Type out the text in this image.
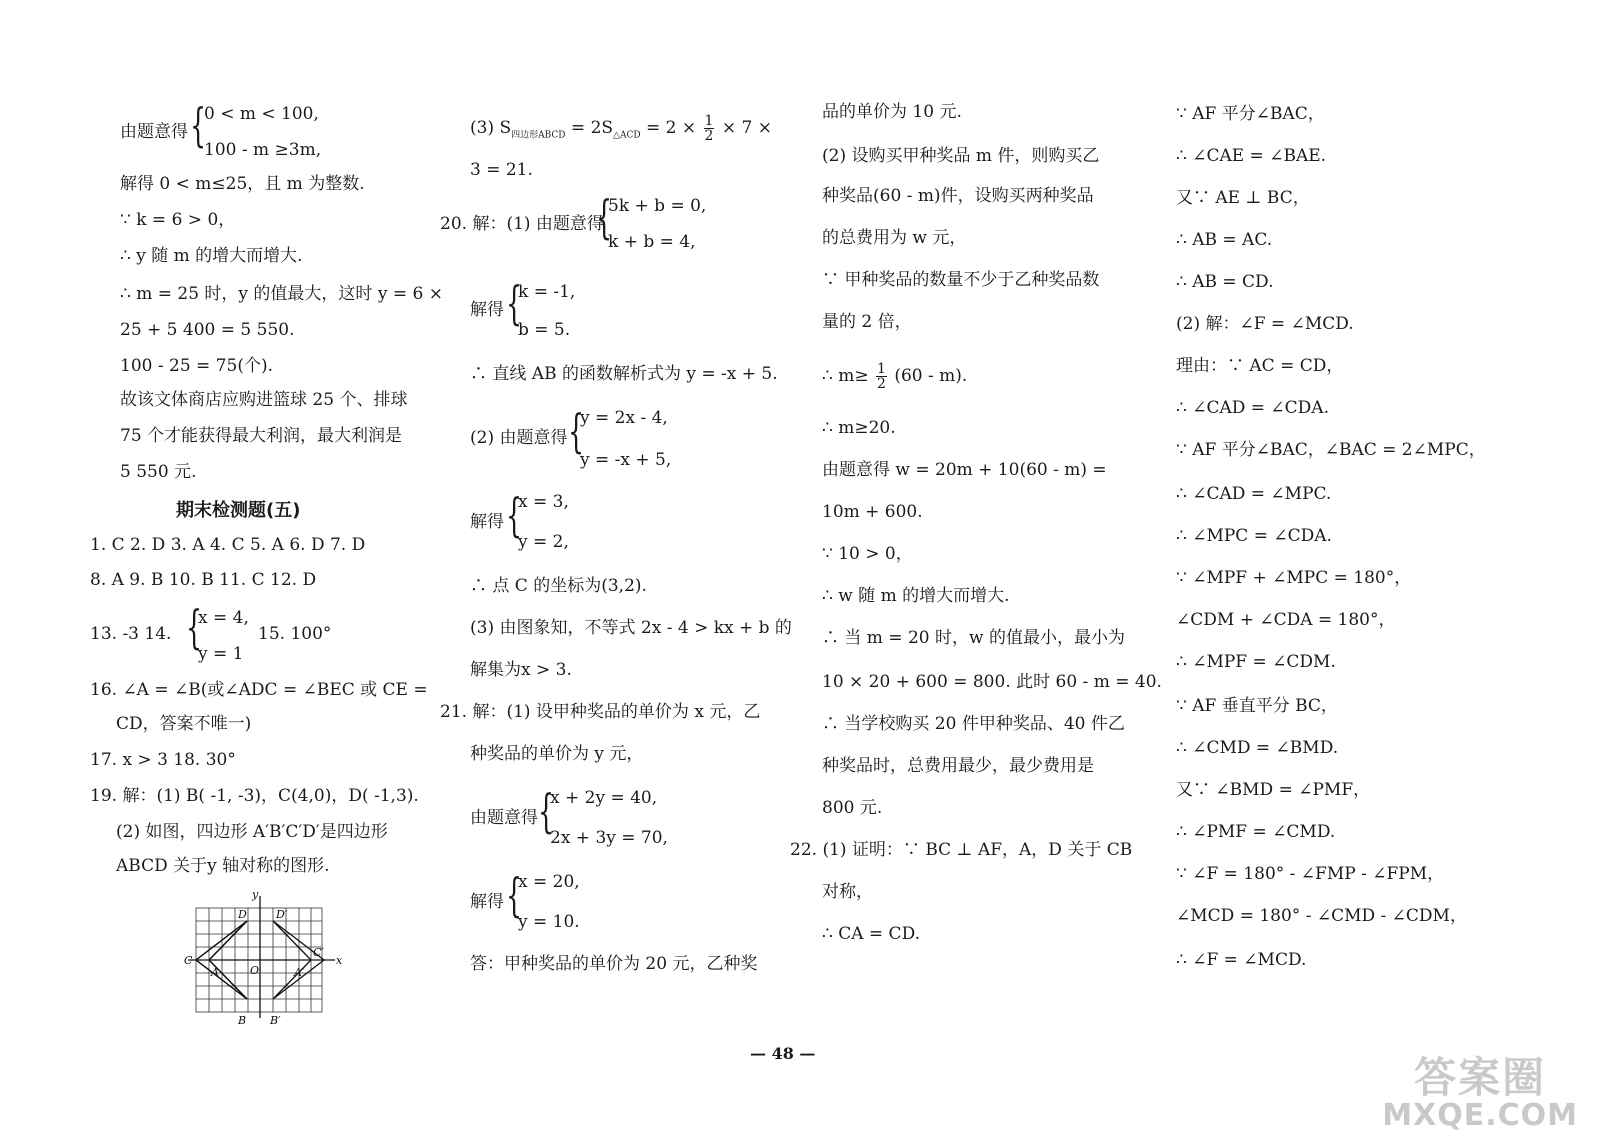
由题意得 {
0 < m < 100,
100 - m ≥3m,
解得 0 < m≤25，且 m 为整数.
∵ k = 6 > 0，
∴ y 随 m 的增大而增大.
∴ m = 25 时，y 的值最大，这时 y = 6 ×
25 + 5 400 = 5 550.
100 - 25 = 75(个).
故该文体商店应购进篮球 25 个、排球
75 个才能获得最大利润，最大利润是
5 550 元.
期末检测题(五)
1. C 2. D 3. A 4. C 5. A 6. D 7. D
8. A 9. B 10. B 11. C 12. D
13. -3 14. {
x = 4,
y = 1
15. 100°
16. ∠A = ∠B(或∠ADC = ∠BEC 或 CE =
CD，答案不唯一)
17. x > 3 18. 30°
19. 解：(1) B( -1, -3)，C(4,0)，D( -1,3).
(2) 如图，四边形 A′B′C′D′是四边形
ABCD 关于y 轴对称的图形.
y
x
D	D′
C
A	O	A′
C′
B B′
(3) $S_{四边形ABCD} = 2S_{\triangle ACD} = 2 \times \frac{1}{2} \times 7$ ×
3 = 21.
20. 解：(1) 由题意得
{
5k + b = 0,
k + b = 4,
解得 {
k = -1,
b = 5.
∴ 直线 AB 的函数解析式为 y = -x + 5.
(2) 由题意得 {
y = 2x - 4,
y = -x + 5,
解得 {
x = 3,
y = 2,
∴ 点 C 的坐标为(3,2).
(3) 由图象知，不等式 2x - 4 > kx + b 的
解集为x > 3.
21. 解：(1) 设甲种奖品的单价为 x 元，乙
种奖品的单价为 y 元，
由题意得 {
x + 2y = 40,
2x + 3y = 70,
解得 {
x = 20,
y = 10.
答：甲种奖品的单价为 20 元，乙种奖
品的单价为 10 元.
(2) 设购买甲种奖品 m 件，则购买乙
种奖品(60 - m)件，设购买两种奖品
的总费用为 w 元，
∵ 甲种奖品的数量不少于乙种奖品数
量的 2 倍，
∴ $m\ge \frac{1}{2} (60 - m)$.
∴ m≥20.
由题意得 w = 20m + 10(60 - m) =
10m + 600.
∵ 10 > 0，
∴ w 随 m 的增大而增大.
∴ 当 m = 20 时，w 的值最小，最小为
10 × 20 + 600 = 800. 此时 60 - m = 40.
∴ 当学校购买 20 件甲种奖品、40 件乙
种奖品时，总费用最少，最少费用是
800 元.
22. (1) 证明：∵ BC ⊥ AF，A，D 关于 CB
对称，
∴ CA = CD.
∵ AF 平分∠BAC，
∴ ∠CAE = ∠BAE.
又∵ AE ⊥ BC，
∴ AB = AC.
∴ AB = CD.
(2) 解：∠F = ∠MCD.
理由：∵ AC = CD，
∴ ∠CAD = ∠CDA.
∵ AF 平分∠BAC，∠BAC = 2∠MPC，
∴ ∠CAD = ∠MPC.
∴ ∠MPC = ∠CDA.
∵ ∠MPF + ∠MPC = 180°，
∠CDM + ∠CDA = 180°，
∴ ∠MPF = ∠CDM.
∵ AF 垂直平分 BC，
∴ ∠CMD = ∠BMD.
又∵ ∠BMD = ∠PMF，
∴ ∠PMF = ∠CMD.
∵ ∠F = 180° - ∠FMP - ∠FPM，
∠MCD = 180° - ∠CMD - ∠CDM，
∴ ∠F = ∠MCD.
— 48 —	答案圈
MXQE.COM
